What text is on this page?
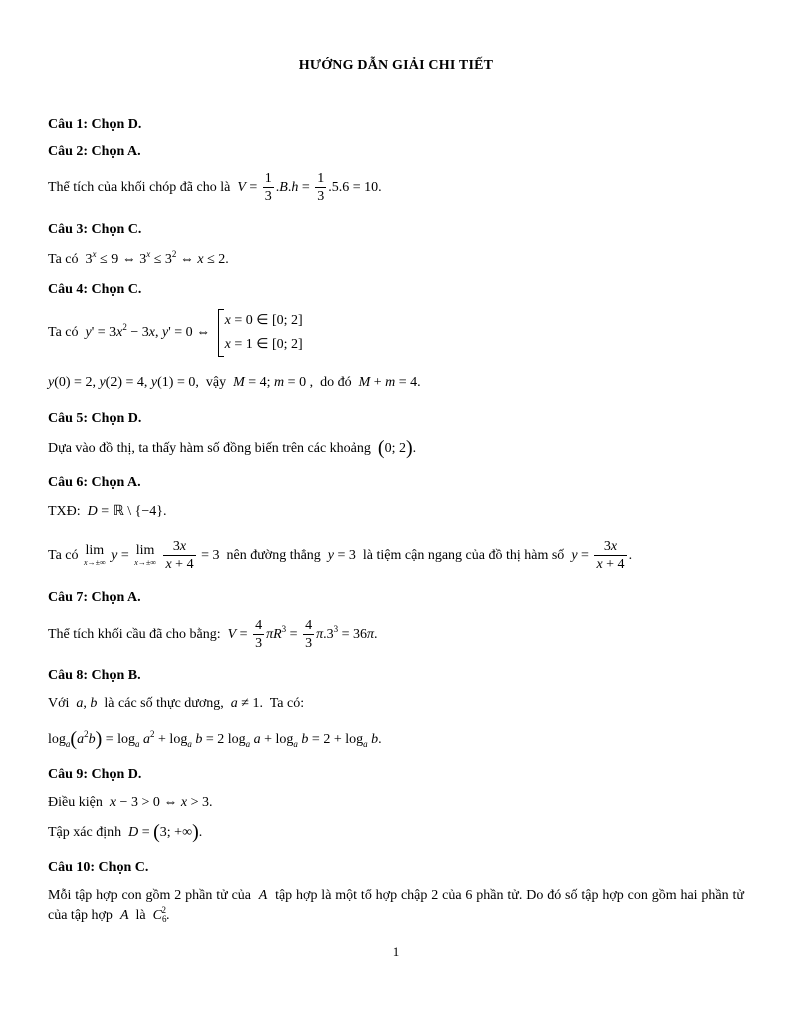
HƯỚNG DẪN GIẢI CHI TIẾT
Câu 1: Chọn D.
Câu 2: Chọn A.
Thể tích của khối chóp đã cho là $V = \frac{1}{3} .B.h = \frac{1}{3} .5.6 = 10$.
Câu 3: Chọn C.
Ta có  $3^x \le 9$ ⇔ $3^x \le 3^2$ ⇔ x ≤ 2.
Câu 4: Chọn C.
Ta có $y' = 3x^2 - 3x$, y' = 0 ⇔
x = 0 ∈ [0; 2]
x = 1 ∈ [0; 2]
y(0) = 2, y(2) = 4, y(1) = 0,  vậy M = 4; m = 0 ,  do đó M + m = 4.
Câu 5: Chọn D.
Dựa vào đồ thị, ta thấy hàm số đồng biến trên các khoảng (0; 2).
Câu 6: Chọn A.
TXĐ: D = ℝ \ {−4}.
Ta có lim
x→±∞ y = lim
x→±∞
$\frac{3x}{x + 4} = 3$  nên đường thẳng y = 3  là tiệm cận ngang của đồ thị hàm số $y = \frac{3x}{x + 4}$ .
Câu 7: Chọn A.
Thể tích khối cầu đã cho bằng: $V = \frac{4}{3} \pi R^3 = \frac{4}{3} \pi.3^3 = 36\pi$.
Câu 8: Chọn B.
Với a, b là các số thực dương, a ≠ 1.  Ta có:
$\log_a(a^2b) = \log_a a^2 + \log_a b = 2$ $\log_a a + \log_a b = 2 + \log_a b$.
Câu 9: Chọn D.
Điều kiện x − 3 > 0 ⇔ x > 3.
Tập xác định D = (3; +∞).
Câu 10: Chọn C.
Mỗi tập hợp con gồm 2 phần tử của  A  tập hợp là một tổ hợp chập 2 của 6 phần tử. Do đó số tập hợp con gồm hai phần tử của tập hợp  A  là $C_6^2$.
1
